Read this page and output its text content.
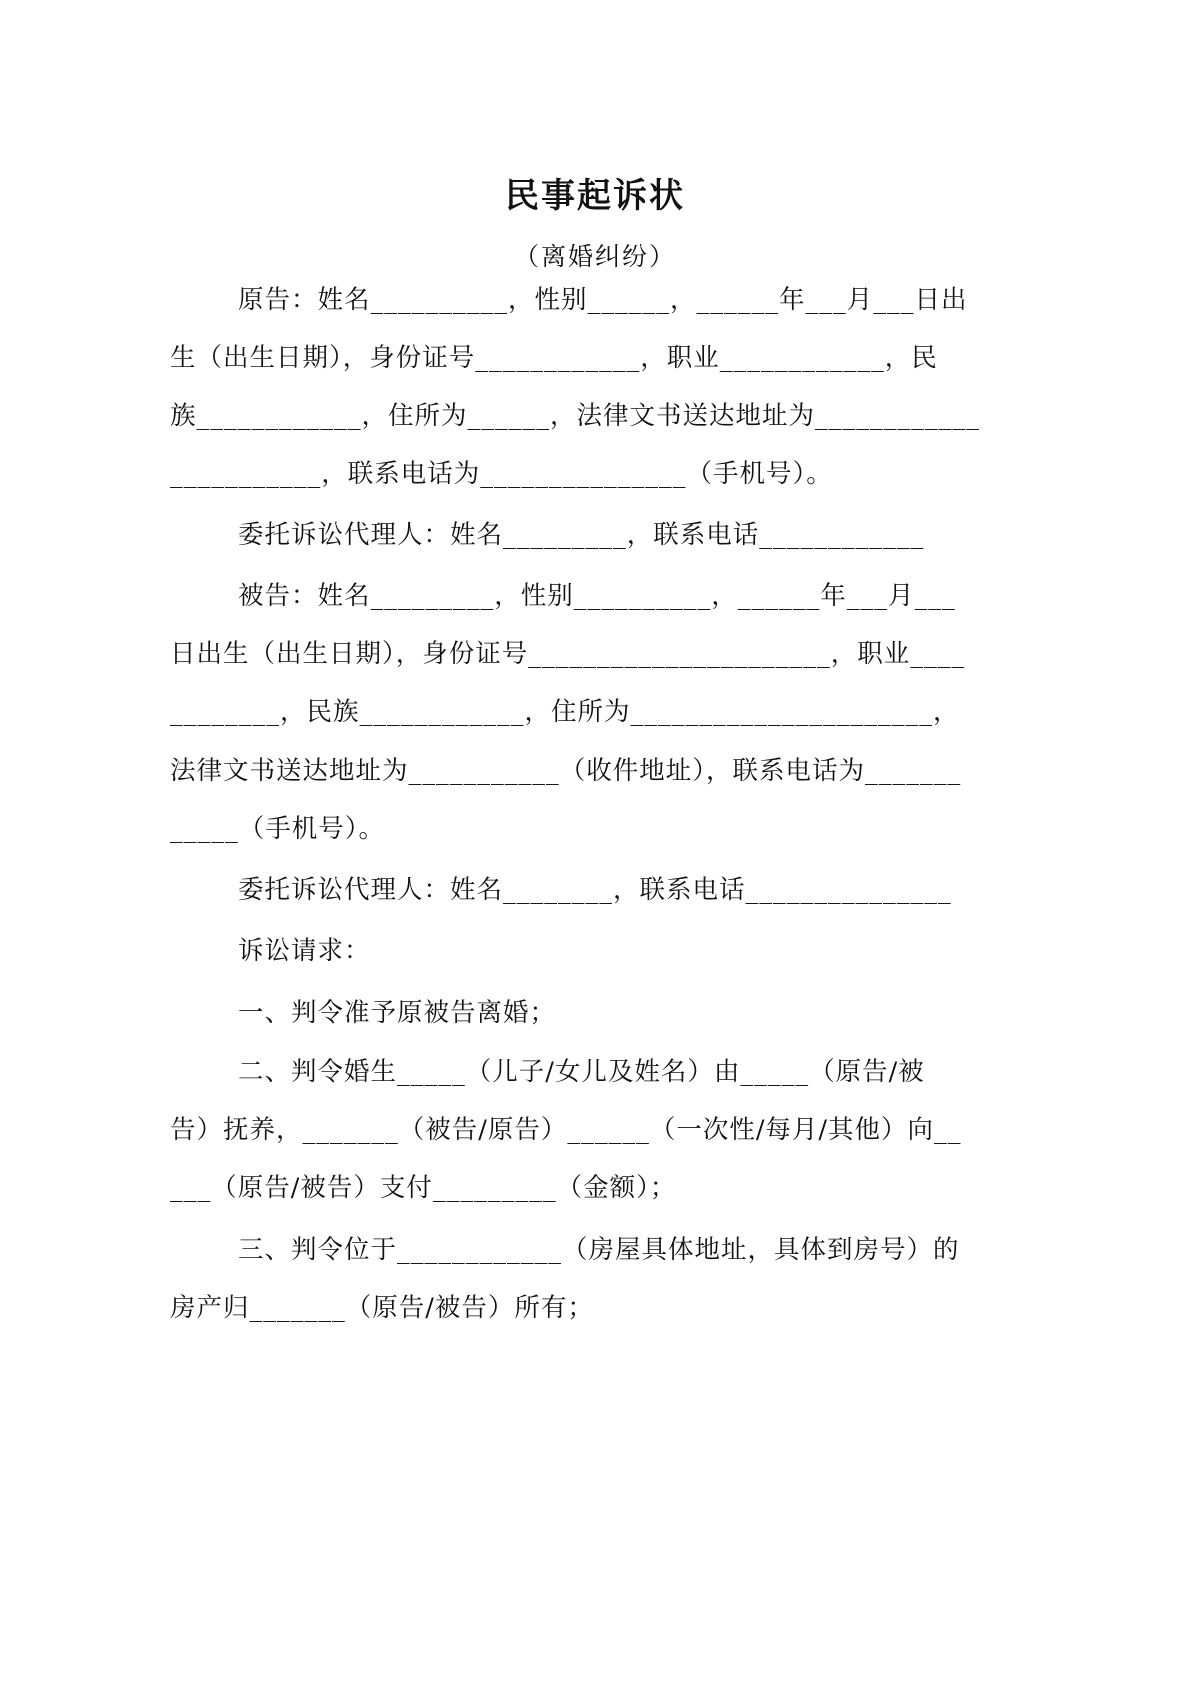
民事起诉状
（离婚纠纷）
原告：姓名__________，性别______，______年___月___日出
生（出生日期），身份证号____________，职业____________，民
族____________，住所为______，法律文书送达地址为____________
___________，联系电话为_______________（手机号）。
委托诉讼代理人：姓名_________，联系电话____________
被告：姓名_________，性别__________，______年___月___
日出生（出生日期），身份证号______________________，职业____
________，民族____________，住所为______________________，
法律文书送达地址为___________（收件地址），联系电话为_______
_____（手机号）。
委托诉讼代理人：姓名________，联系电话_______________
诉讼请求：
一、判令准予原被告离婚；
二、判令婚生_____（儿子/女儿及姓名）由_____（原告/被
告）抚养，_______（被告/原告）______（一次性/每月/其他）向__
___（原告/被告）支付_________（金额）；
三、判令位于____________（房屋具体地址，具体到房号）的
房产归_______（原告/被告）所有；
